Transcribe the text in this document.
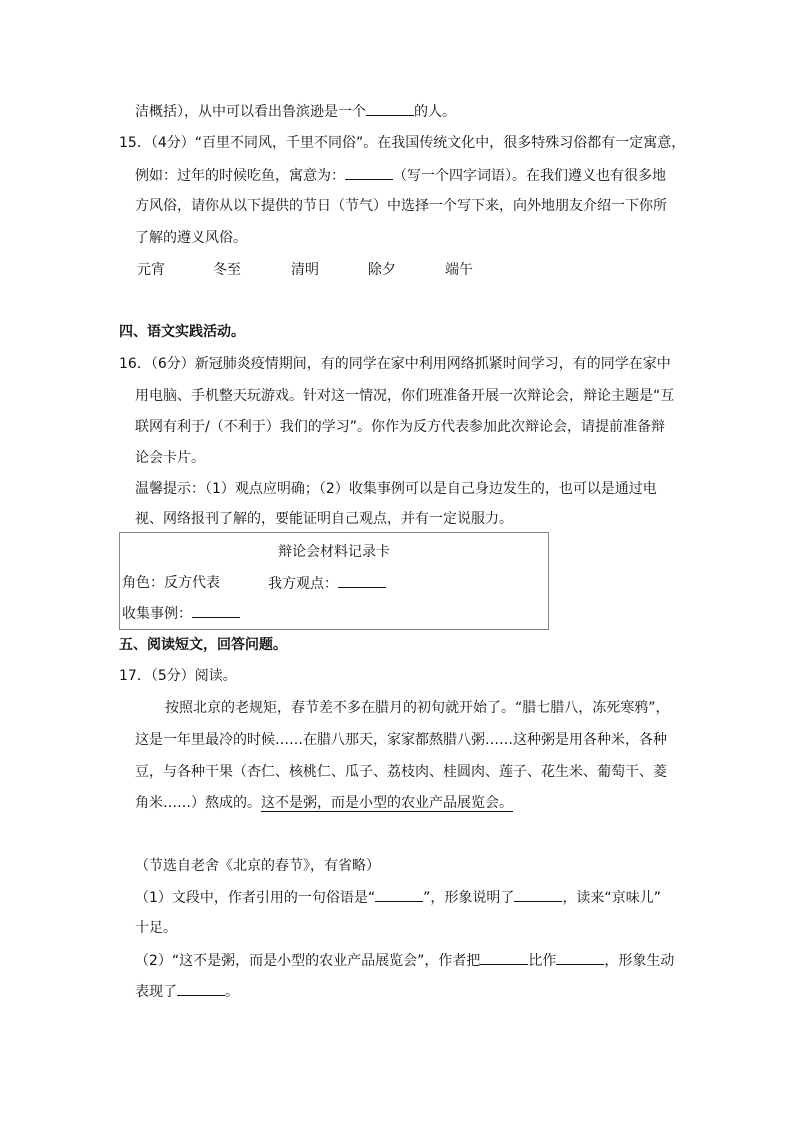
洁概括），从中可以看出鲁滨逊是一个	的人。
15．（4分）“百里不同风，千里不同俗”。在我国传统文化中，很多特殊习俗都有一定寓意，
例如：过年的时候吃鱼，寓意为：	（写一个四字词语）。在我们遵义也有很多地
方风俗，请你从以下提供的节日（节气）中选择一个写下来，向外地朋友介绍一下你所
了解的遵义风俗。
元宵	冬至	清明	除夕	端午
四、语文实践活动。
16．（6分）新冠肺炎疫情期间，有的同学在家中利用网络抓紧时间学习，有的同学在家中
用电脑、手机整天玩游戏。针对这一情况，你们班准备开展一次辩论会，辩论主题是“互
联网有利于/（不利于）我们的学习”。你作为反方代表参加此次辩论会，请提前准备辩
论会卡片。
温馨提示：（1）观点应明确；（2）收集事例可以是自己身边发生的，也可以是通过电
视、网络报刊了解的，要能证明自己观点，并有一定说服力。
辩论会材料记录卡
角色：反方代表	我方观点：
收集事例：
五、阅读短文，回答问题。
17．（5分）阅读。
按照北京的老规矩，春节差不多在腊月的初旬就开始了。“腊七腊八，冻死寒鸦”，
这是一年里最冷的时候……在腊八那天，家家都熬腊八粥……这种粥是用各种米，各种
豆，与各种干果（杏仁、核桃仁、瓜子、荔枝肉、桂圆肉、莲子、花生米、葡萄干、菱
角米……）熬成的。这不是粥，而是小型的农业产品展览会。
（节选自老舍《北京的春节》，有省略）
（1）文段中，作者引用的一句俗语是“	”，形象说明了	，读来“京味儿”
十足。
（2）“这不是粥，而是小型的农业产品展览会”，作者把	比作	，形象生动
表现了	。
